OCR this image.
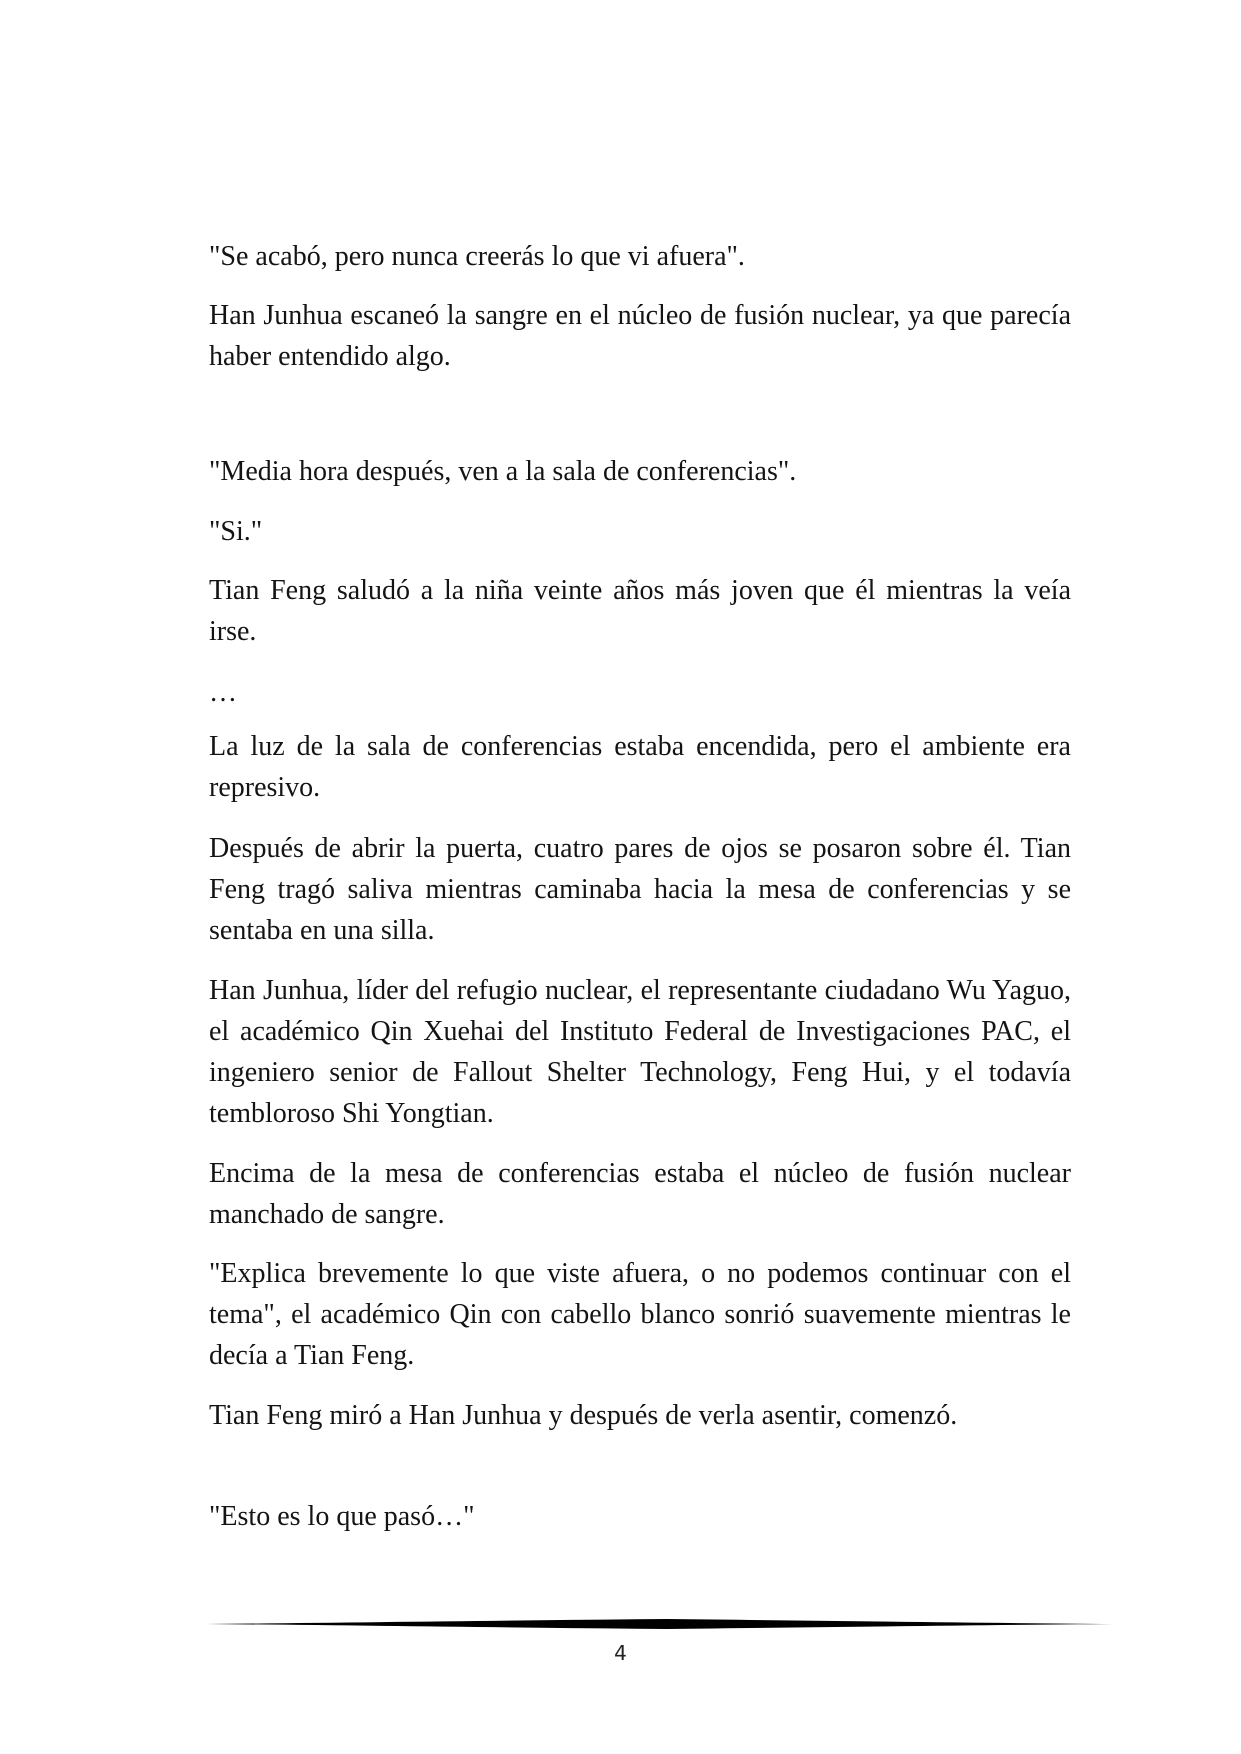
"Se acabó, pero nunca creerás lo que vi afuera".

Han Junhua escaneó la sangre en el núcleo de fusión nuclear, ya que parecía haber entendido algo.

"Media hora después, ven a la sala de conferencias".

"Si."

Tian Feng saludó a la niña veinte años más joven que él mientras la veía irse.

…

La luz de la sala de conferencias estaba encendida, pero el ambiente era represivo.

Después de abrir la puerta, cuatro pares de ojos se posaron sobre él. Tian Feng tragó saliva mientras caminaba hacia la mesa de conferencias y se sentaba en una silla.

Han Junhua, líder del refugio nuclear, el representante ciudadano Wu Yaguo, el académico Qin Xuehai del Instituto Federal de Investigaciones PAC, el ingeniero senior de Fallout Shelter Technology, Feng Hui, y el todavía tembloroso Shi Yongtian.

Encima de la mesa de conferencias estaba el núcleo de fusión nuclear manchado de sangre.

"Explica brevemente lo que viste afuera, o no podemos continuar con el tema", el académico Qin con cabello blanco sonrió suavemente mientras le decía a Tian Feng.

Tian Feng miró a Han Junhua y después de verla asentir, comenzó.

"Esto es lo que pasó…"

4
